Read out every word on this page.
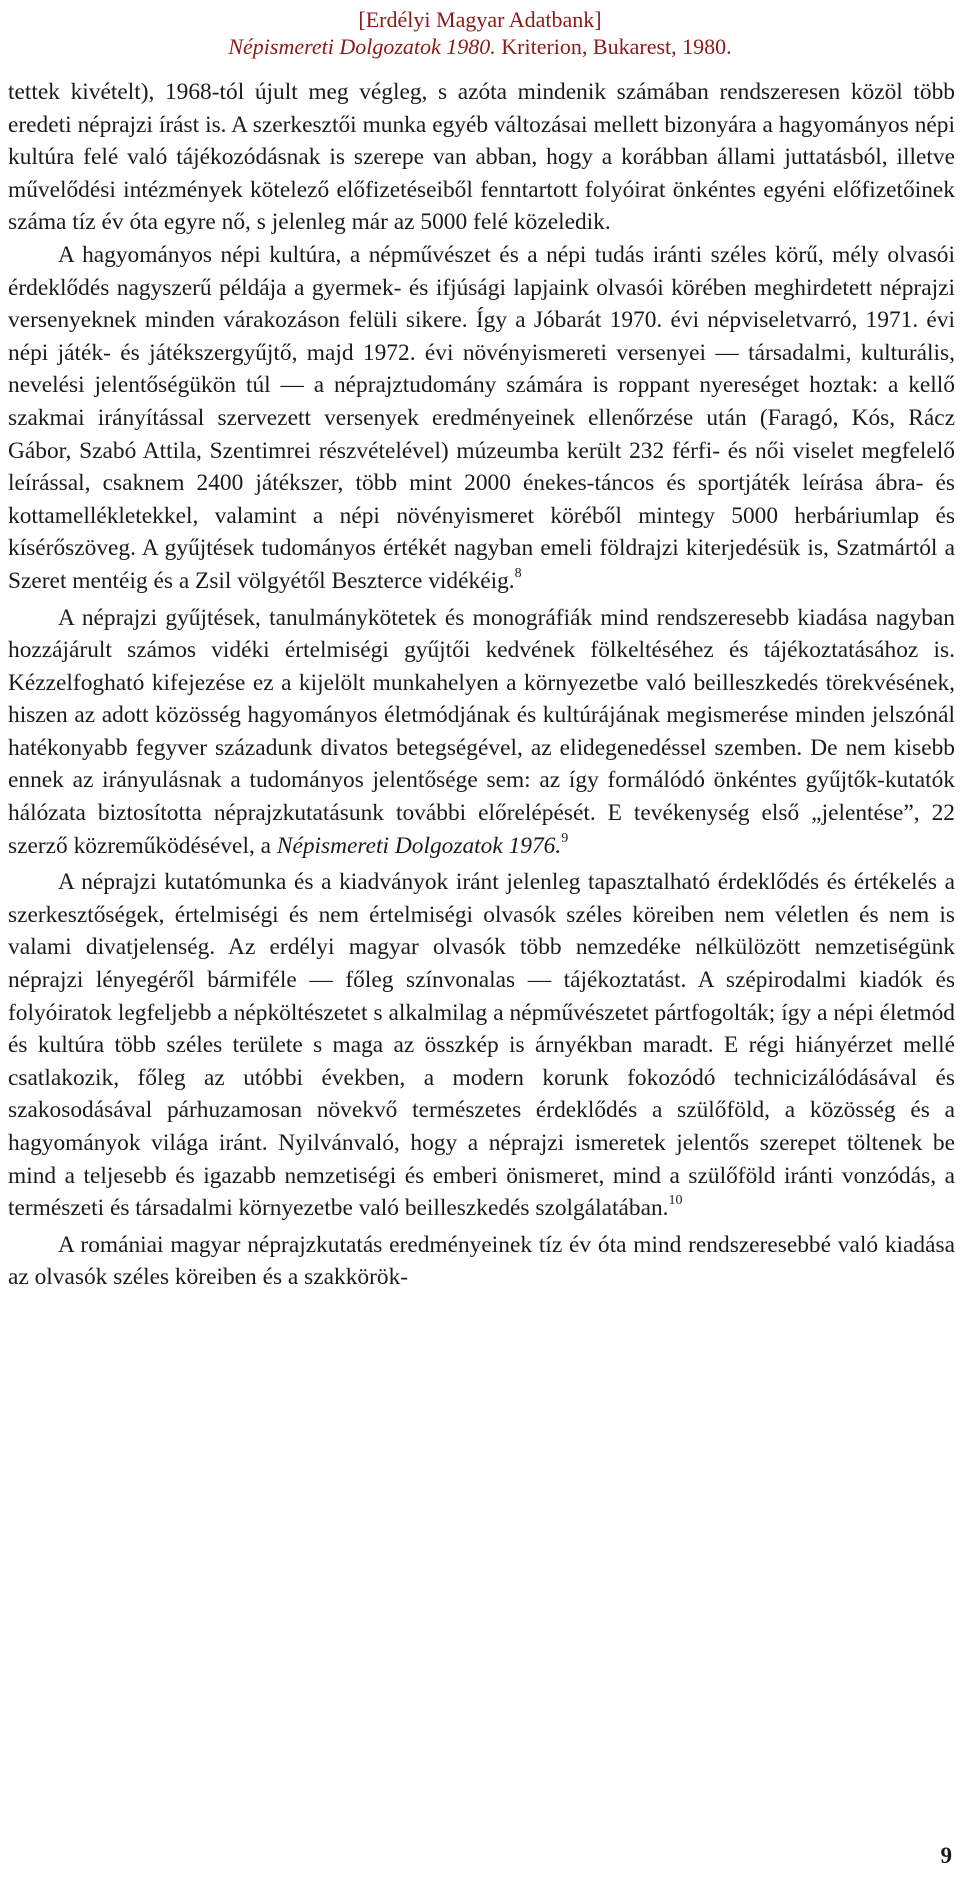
[Erdélyi Magyar Adatbank]
Népismereti Dolgozatok 1980. Kriterion, Bukarest, 1980.

tettek kivételt), 1968-tól újult meg végleg, s azóta mindenik számában rendszeresen közöl több eredeti néprajzi írást is. A szerkesztői munka egyéb változásai mellett bizonyára a hagyományos népi kultúra felé való tájékozódásnak is szerepe van abban, hogy a korábban állami juttatásból, illetve művelődési intézmények kötelező előfizetéseiből fenntartott folyóirat önkéntes egyéni előfizetőinek száma tíz év óta egyre nő, s jelenleg már az 5000 felé közeledik.

A hagyományos népi kultúra, a népművészet és a népi tudás iránti széles körű, mély olvasói érdeklődés nagyszerű példája a gyermek- és ifjúsági lapjaink olvasói körében meghirdetett néprajzi versenyeknek minden várakozáson felüli sikere. Így a Jóbarát 1970. évi népviseletvarró, 1971. évi népi játék- és játékszergyűjtő, majd 1972. évi növényismereti versenyei — társadalmi, kulturális, nevelési jelentőségükön túl — a néprajztudomány számára is roppant nyereséget hoztak: a kellő szakmai irányítással szervezett versenyek eredményeinek ellenőrzése után (Faragó, Kós, Rácz Gábor, Szabó Attila, Szentimrei részvételével) múzeumba került 232 férfi- és női viselet megfelelő leírással, csaknem 2400 játékszer, több mint 2000 énekes-táncos és sportjáték leírása ábra- és kottamellékletekkel, valamint a népi növényismeret köréből mintegy 5000 herbáriumlap és kísérőszöveg. A gyűjtések tudományos értékét nagyban emeli földrajzi kiterjedésük is, Szatmártól a Szeret mentéig és a Zsil völgyétől Beszterce vidékéig.$^8$

A néprajzi gyűjtések, tanulmánykötetek és monográfiák mind rendszeresebb kiadása nagyban hozzájárult számos vidéki értelmiségi gyűjtői kedvének fölkeltéséhez és tájékoztatásához is. Kézzelfogható kifejezése ez a kijelölt munkahelyen a környezetbe való beilleszkedés törekvésének, hiszen az adott közösség hagyományos életmódjának és kultúrájának megismerése minden jelszónál hatékonyabb fegyver századunk divatos betegségével, az elidegenedéssel szemben. De nem kisebb ennek az irányulásnak a tudományos jelentősége sem: az így formálódó önkéntes gyűjtők-kutatók hálózata biztosította néprajzkutatásunk további előrelépését. E tevékenység első „jelentése”, 22 szerző közreműködésével, a Népismereti Dolgozatok 1976.$^9$

A néprajzi kutatómunka és a kiadványok iránt jelenleg tapasztalható érdeklődés és értékelés a szerkesztőségek, értelmiségi és nem értelmiségi olvasók széles köreiben nem véletlen és nem is valami divatjelenség. Az erdélyi magyar olvasók több nemzedéke nélkülözött nemzetiségünk néprajzi lényegéről bármiféle — főleg színvonalas — tájékoztatást. A szépirodalmi kiadók és folyóiratok legfeljebb a népköltészetet s alkalmilag a népművészetet pártfogolták; így a népi életmód és kultúra több széles területe s maga az összkép is árnyékban maradt. E régi hiányérzet mellé csatlakozik, főleg az utóbbi években, a modern korunk fokozódó technicizálódásával és szakosodásával párhuzamosan növekvő természetes érdeklődés a szülőföld, a közösség és a hagyományok világa iránt. Nyilvánvaló, hogy a néprajzi ismeretek jelentős szerepet töltenek be mind a teljesebb és igazabb nemzetiségi és emberi önismeret, mind a szülőföld iránti vonzódás, a természeti és társadalmi környezetbe való beilleszkedés szolgálatában.$^{10}$

A romániai magyar néprajzkutatás eredményeinek tíz év óta mind rendszeresebbé való kiadása az olvasók széles köreiben és a szakkörök-

9
